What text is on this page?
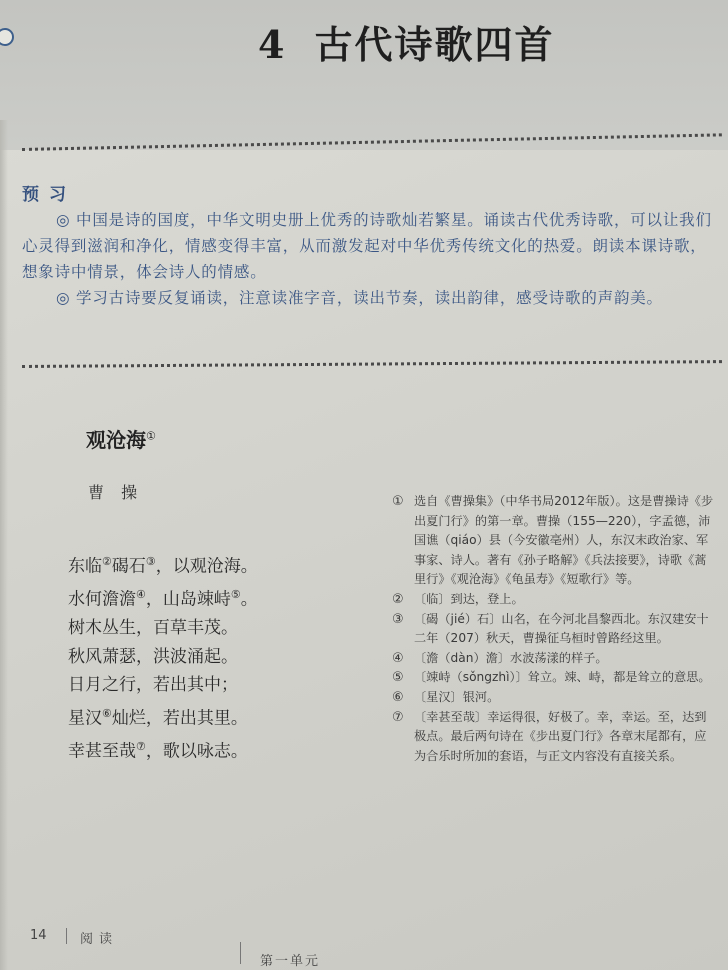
4 古代诗歌四首
预习

◎ 中国是诗的国度，中华文明史册上优秀的诗歌灿若繁星。诵读古代优秀诗歌，可以让我们心灵得到滋润和净化，情感变得丰富，从而激发起对中华优秀传统文化的热爱。朗读本课诗歌，想象诗中情景，体会诗人的情感。

◎ 学习古诗要反复诵读，注意读准字音，读出节奏，读出韵律，感受诗歌的声韵美。

观沧海①
曹 操
东临②碣石③，以观沧海。
水何澹澹④，山岛竦峙⑤。
树木丛生，百草丰茂。
秋风萧瑟，洪波涌起。
日月之行，若出其中；
星汉⑥灿烂，若出其里。
幸甚至哉⑦，歌以咏志。
① 选自《曹操集》（中华书局2012年版）。这是曹操诗《步出夏门行》的第一章。曹操（155—220），字孟德，沛国谯（qiáo）县（今安徽亳州）人，东汉末政治家、军事家、诗人。著有《孙子略解》《兵法接要》，诗歌《蒿里行》《观沧海》《龟虽寿》《短歌行》等。
② 〔临〕到达，登上。
③ 〔碣（jié）石〕山名，在今河北昌黎西北。东汉建安十二年（207）秋天，曹操征乌桓时曾路经这里。
④ 〔澹（dàn）澹〕水波荡漾的样子。
⑤ 〔竦峙（sǒngzhì）〕耸立。竦、峙，都是耸立的意思。
⑥ 〔星汉〕银河。
⑦ 〔幸甚至哉〕幸运得很，好极了。幸，幸运。至，达到极点。最后两句诗在《步出夏门行》各章末尾都有，应为合乐时所加的套语，与正文内容没有直接关系。
14	阅读
第一单元
